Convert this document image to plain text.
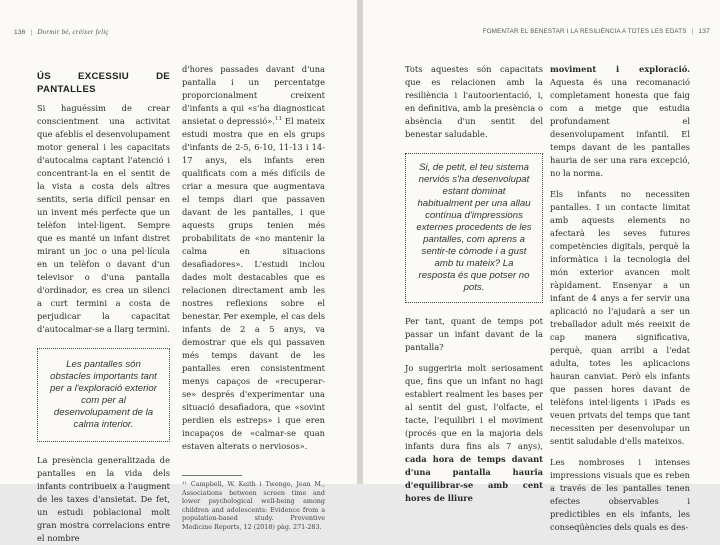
136 | Dormir bé, créixer feliç
ÚS EXCESSIU DE PANTALLES

Si haguéssim de crear conscientment una activitat que afeblís el desenvolupament motor general i les capacitats d'autocalma captant l'atenció i concentrant-la en el sentit de la vista a costa dels altres sentits, seria difícil pensar en un invent més perfecte que un telèfon intel·ligent. Sempre que es manté un infant distret mirant un joc o una pel·lícula en un telèfon o davant d'un televisor o d'una pantalla d'ordinador, es crea un silenci a curt termini a costa de perjudicar la capacitat d'autocalmar-se a llarg termini.

Les pantalles són obstacles importants tant per a l'exploració exterior com per al desenvolupament de la calma interior.

La presència generalitzada de pantalles en la vida dels infants contribueix a l'augment de les taxes d'ansietat. De fet, un estudi poblacional molt gran mostra correlacions entre el nombre

d'hores passades davant d'una pantalla i un percentatge proporcionalment creixent d'infants a qui «s'ha diagnosticat ansietat o depressió».$^{11}$ El mateix estudi mostra que en els grups d'infants de 2-5, 6-10, 11-13 i 14-17 anys, els infants eren qualificats com a més difícils de criar a mesura que augmentava el temps diari que passaven davant de les pantalles, i que aquests grups tenien més probabilitats de «no mantenir la calma en situacions desafiadores». L'estudi inclou dades molt destacables que es relacionen directament amb les nostres reflexions sobre el benestar. Per exemple, el cas dels infants de 2 a 5 anys, va demostrar que els qui passaven més temps davant de les pantalles eren consistentment menys capaços de «recuperar-se» després d'experimentar una situació desafiadora, que «sovint perdien els estreps» i que eren incapaços de «calmar-se quan estaven alterats o nerviosos».

¹¹ Campbell, W. Keith i Twenge, Jean M., Associations between screen time and lower psychological well-being among children and adolescents: Evidence from a population-based study. Preventive Medicine Reports, 12 (2018) pàg. 271-283.

FOMENTAR EL BENESTAR I LA RESILIÈNCIA A TOTES LES EDATS | 137

Tots aquestes són capacitats que es relacionen amb la resiliència i l'autoorientació, i, en definitiva, amb la presència o absència d'un sentit del benestar saludable.

Si, de petit, el teu sistema nerviós s'ha desenvolupat estant dominat habitualment per una allau contínua d'impressions externes procedents de les pantalles, com aprens a sentir-te còmode i a gust amb tu mateix? La resposta és que potser no pots.

Per tant, quant de temps pot passar un infant davant de la pantalla?

Jo suggeriria molt seriosament que, fins que un infant no hagi establert realment les bases per al sentit del gust, l'olfacte, el tacte, l'equilibri i el moviment (procés que en la majoria dels infants dura fins als 7 anys), cada hora de temps davant d'una pantalla hauria d'equilibrar-se amb cent hores de lliure

moviment i exploració. Aquesta és una recomanació completament honesta que faig com a metge que estudia profundament el desenvolupament infantil. El temps davant de les pantalles hauria de ser una rara excepció, no la norma.

Els infants no necessiten pantalles. I un contacte limitat amb aquests elements no afectarà les seves futures competències digitals, perquè la informàtica i la tecnologia del món exterior avancen molt ràpidament. Ensenyar a un infant de 4 anys a fer servir una aplicació no l'ajudarà a ser un treballador adult més reeixit de cap manera significativa, perquè, quan arribi a l'edat adulta, totes les aplicacions hauran canviat. Però els infants que passen hores davant de telèfons intel·ligents i iPads es veuen privats del temps que tant necessiten per desenvolupar un sentit saludable d'ells mateixos.

Les nombroses i intenses impressions visuals que es reben a través de les pantalles tenen efectes observables i predictibles en els infants, les conseqüències dels quals es des-
